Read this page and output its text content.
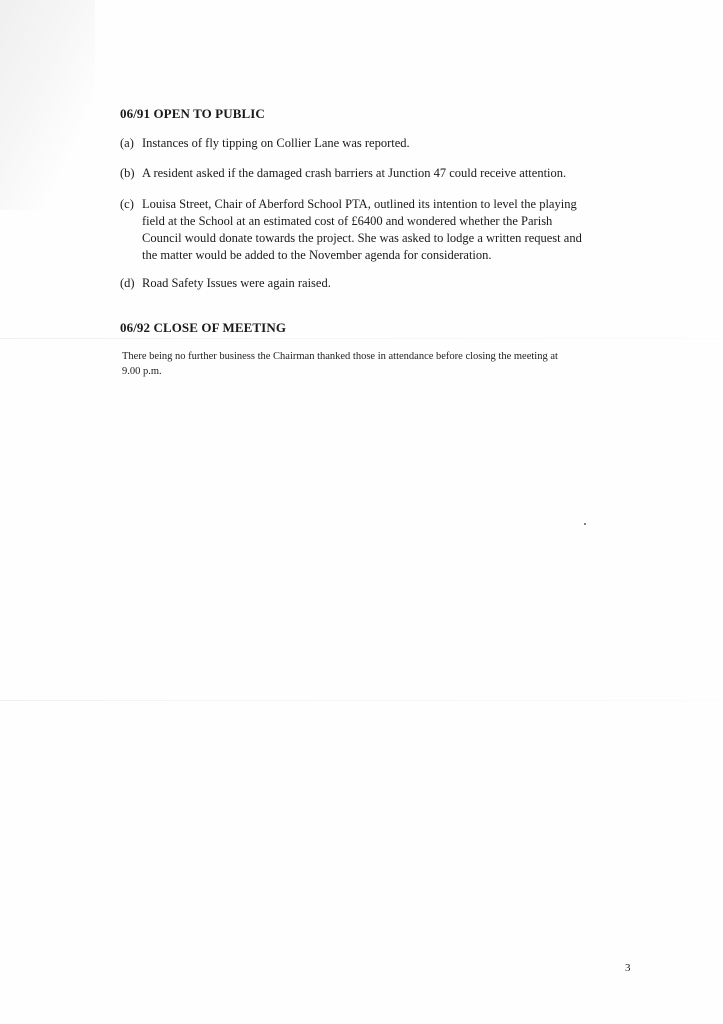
06/91 OPEN TO PUBLIC
(a) Instances of fly tipping on Collier Lane was reported.
(b) A resident asked if the damaged crash barriers at Junction 47 could receive attention.
(c) Louisa Street, Chair of Aberford School PTA, outlined its intention to level the playing
field at the School at an estimated cost of £6400 and wondered whether the Parish
Council would donate towards the project. She was asked to lodge a written request and
the matter would be added to the November agenda for consideration.
(d) Road Safety Issues were again raised.
06/92 CLOSE OF MEETING
There being no further business the Chairman thanked those in attendance before closing the meeting at
9.00 p.m.
3
